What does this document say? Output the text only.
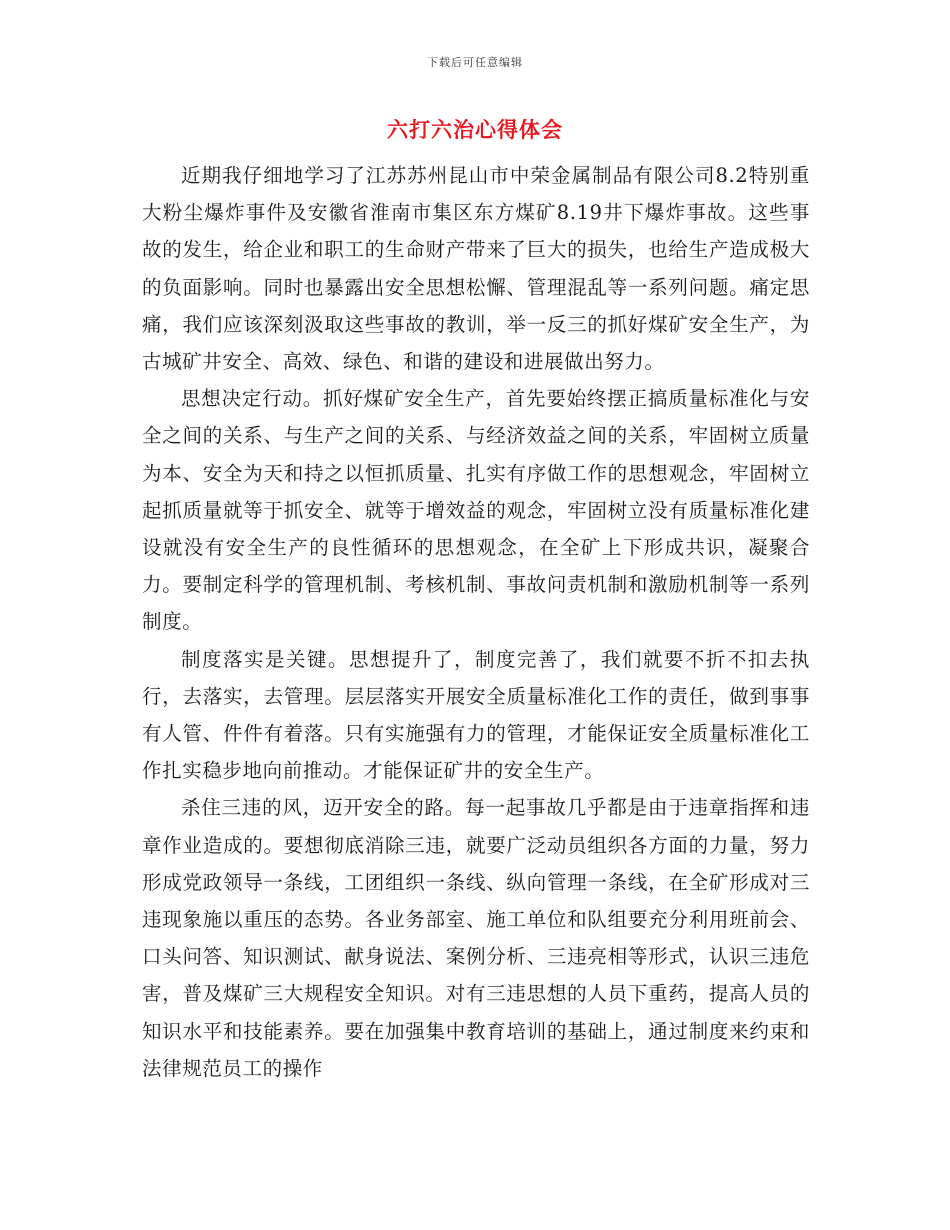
下载后可任意编辑
六打六治心得体会

近期我仔细地学习了江苏苏州昆山市中荣金属制品有限公司8.2特别重大粉尘爆炸事件及安徽省淮南市集区东方煤矿8.19井下爆炸事故。这些事故的发生，给企业和职工的生命财产带来了巨大的损失，也给生产造成极大的负面影响。同时也暴露出安全思想松懈、管理混乱等一系列问题。痛定思痛，我们应该深刻汲取这些事故的教训，举一反三的抓好煤矿安全生产，为古城矿井安全、高效、绿色、和谐的建设和进展做出努力。

思想决定行动。抓好煤矿安全生产，首先要始终摆正搞质量标准化与安全之间的关系、与生产之间的关系、与经济效益之间的关系，牢固树立质量为本、安全为天和持之以恒抓质量、扎实有序做工作的思想观念，牢固树立起抓质量就等于抓安全、就等于增效益的观念，牢固树立没有质量标准化建设就没有安全生产的良性循环的思想观念，在全矿上下形成共识，凝聚合力。要制定科学的管理机制、考核机制、事故问责机制和激励机制等一系列制度。

制度落实是关键。思想提升了，制度完善了，我们就要不折不扣去执行，去落实，去管理。层层落实开展安全质量标准化工作的责任，做到事事有人管、件件有着落。只有实施强有力的管理，才能保证安全质量标准化工作扎实稳步地向前推动。才能保证矿井的安全生产。

杀住三违的风，迈开安全的路。每一起事故几乎都是由于违章指挥和违章作业造成的。要想彻底消除三违，就要广泛动员组织各方面的力量，努力形成党政领导一条线，工团组织一条线、纵向管理一条线，在全矿形成对三违现象施以重压的态势。各业务部室、施工单位和队组要充分利用班前会、口头问答、知识测试、献身说法、案例分析、三违亮相等形式，认识三违危害，普及煤矿三大规程安全知识。对有三违思想的人员下重药，提高人员的知识水平和技能素养。要在加强集中教育培训的基础上，通过制度来约束和法律规范员工的操作
